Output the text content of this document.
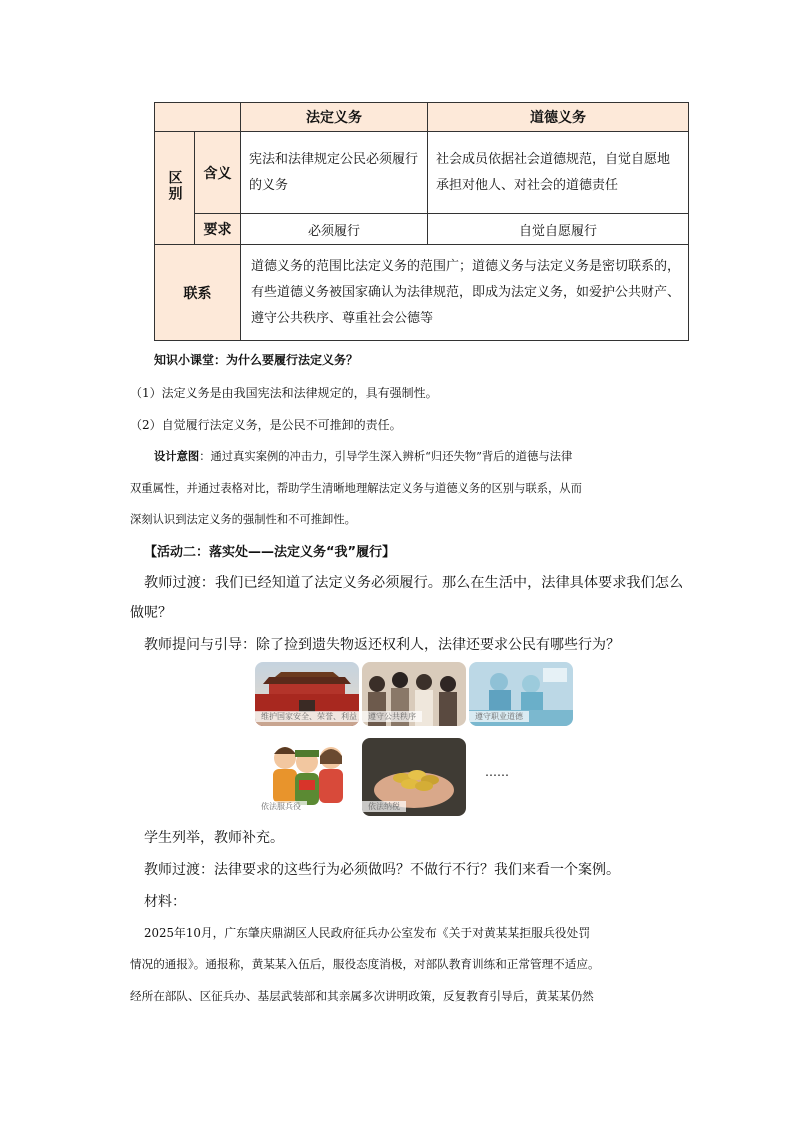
		法定义务	道德义务
区别	含义	宪法和法律规定公民必须履行的义务	社会成员依据社会道德规范，自觉自愿地承担对他人、对社会的道德责任
	要求	必须履行	自觉自愿履行
联系		道德义务的范围比法定义务的范围广；道德义务与法定义务是密切联系的，有些道德义务被国家确认为法律规范，即成为法定义务，如爱护公共财产、遵守公共秩序、尊重社会公德等	
知识小课堂：为什么要履行法定义务？
（1）法定义务是由我国宪法和法律规定的，具有强制性。
（2）自觉履行法定义务，是公民不可推卸的责任。
设计意图：通过真实案例的冲击力，引导学生深入辨析“归还失物”背后的道德与法律
双重属性，并通过表格对比，帮助学生清晰地理解法定义务与道德义务的区别与联系，从而
深刻认识到法定义务的强制性和不可推卸性。
【活动二：落实处——法定义务“我”履行】
教师过渡：我们已经知道了法定义务必须履行。那么在生活中，法律具体要求我们怎么
做呢？
教师提问与引导：除了捡到遗失物返还权利人，法律还要求公民有哪些行为？
维护国家安全、荣誉、利益	遵守公共秩序	遵守职业道德
依法服兵役	依法纳税
……
学生列举，教师补充。
教师过渡：法律要求的这些行为必须做吗？不做行不行？我们来看一个案例。
材料：
2025年10月，广东肇庆鼎湖区人民政府征兵办公室发布《关于对黄某某拒服兵役处罚
情况的通报》。通报称，黄某某入伍后，服役态度消极，对部队教育训练和正常管理不适应。
经所在部队、区征兵办、基层武装部和其亲属多次讲明政策，反复教育引导后，黄某某仍然
